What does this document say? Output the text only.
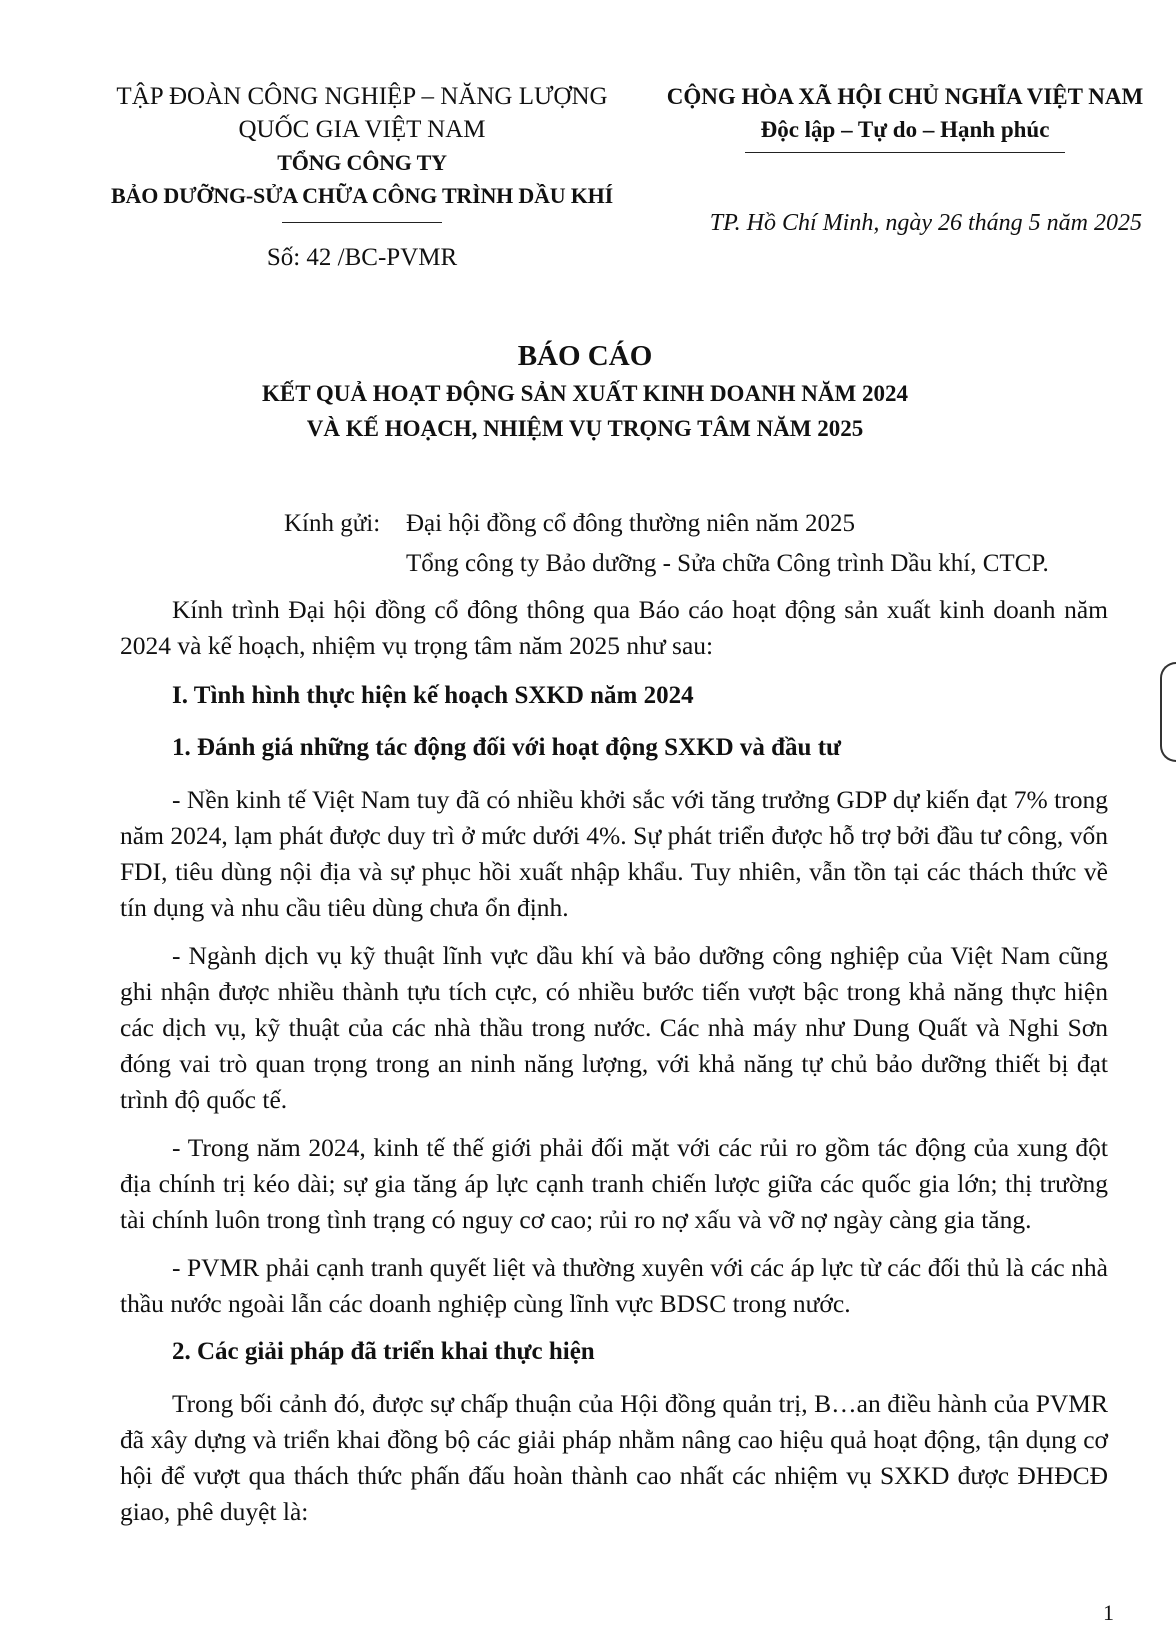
TẬP ĐOÀN CÔNG NGHIỆP – NĂNG LƯỢNG
QUỐC GIA VIỆT NAM
TỔNG CÔNG TY
BẢO DƯỠNG-SỬA CHỮA CÔNG TRÌNH DẦU KHÍ
Số: 42 /BC-PVMR
CỘNG HÒA XÃ HỘI CHỦ NGHĨA VIỆT NAM
Độc lập – Tự do – Hạnh phúc
TP. Hồ Chí Minh, ngày 26 tháng 5 năm 2025
BÁO CÁO
KẾT QUẢ HOẠT ĐỘNG SẢN XUẤT KINH DOANH NĂM 2024
VÀ KẾ HOẠCH, NHIỆM VỤ TRỌNG TÂM NĂM 2025
Kính gửi: Đại hội đồng cổ đông thường niên năm 2025
Tổng công ty Bảo dưỡng - Sửa chữa Công trình Dầu khí, CTCP.

Kính trình Đại hội đồng cổ đông thông qua Báo cáo hoạt động sản xuất kinh doanh năm 2024 và kế hoạch, nhiệm vụ trọng tâm năm 2025 như sau:

I. Tình hình thực hiện kế hoạch SXKD năm 2024
1. Đánh giá những tác động đối với hoạt động SXKD và đầu tư

- Nền kinh tế Việt Nam tuy đã có nhiều khởi sắc với tăng trưởng GDP dự kiến đạt 7% trong năm 2024, lạm phát được duy trì ở mức dưới 4%. Sự phát triển được hỗ trợ bởi đầu tư công, vốn FDI, tiêu dùng nội địa và sự phục hồi xuất nhập khẩu. Tuy nhiên, vẫn tồn tại các thách thức về tín dụng và nhu cầu tiêu dùng chưa ổn định.

- Ngành dịch vụ kỹ thuật lĩnh vực dầu khí và bảo dưỡng công nghiệp của Việt Nam cũng ghi nhận được nhiều thành tựu tích cực, có nhiều bước tiến vượt bậc trong khả năng thực hiện các dịch vụ, kỹ thuật của các nhà thầu trong nước. Các nhà máy như Dung Quất và Nghi Sơn đóng vai trò quan trọng trong an ninh năng lượng, với khả năng tự chủ bảo dưỡng thiết bị đạt trình độ quốc tế.

- Trong năm 2024, kinh tế thế giới phải đối mặt với các rủi ro gồm tác động của xung đột địa chính trị kéo dài; sự gia tăng áp lực cạnh tranh chiến lược giữa các quốc gia lớn; thị trường tài chính luôn trong tình trạng có nguy cơ cao; rủi ro nợ xấu và vỡ nợ ngày càng gia tăng.

- PVMR phải cạnh tranh quyết liệt và thường xuyên với các áp lực từ các đối thủ là các nhà thầu nước ngoài lẫn các doanh nghiệp cùng lĩnh vực BDSC trong nước.

2. Các giải pháp đã triển khai thực hiện

Trong bối cảnh đó, được sự chấp thuận của Hội đồng quản trị, B…an điều hành của PVMR đã xây dựng và triển khai đồng bộ các giải pháp nhằm nâng cao hiệu quả hoạt động, tận dụng cơ hội để vượt qua thách thức phấn đấu hoàn thành cao nhất các nhiệm vụ SXKD được ĐHĐCĐ giao, phê duyệt là:

1
